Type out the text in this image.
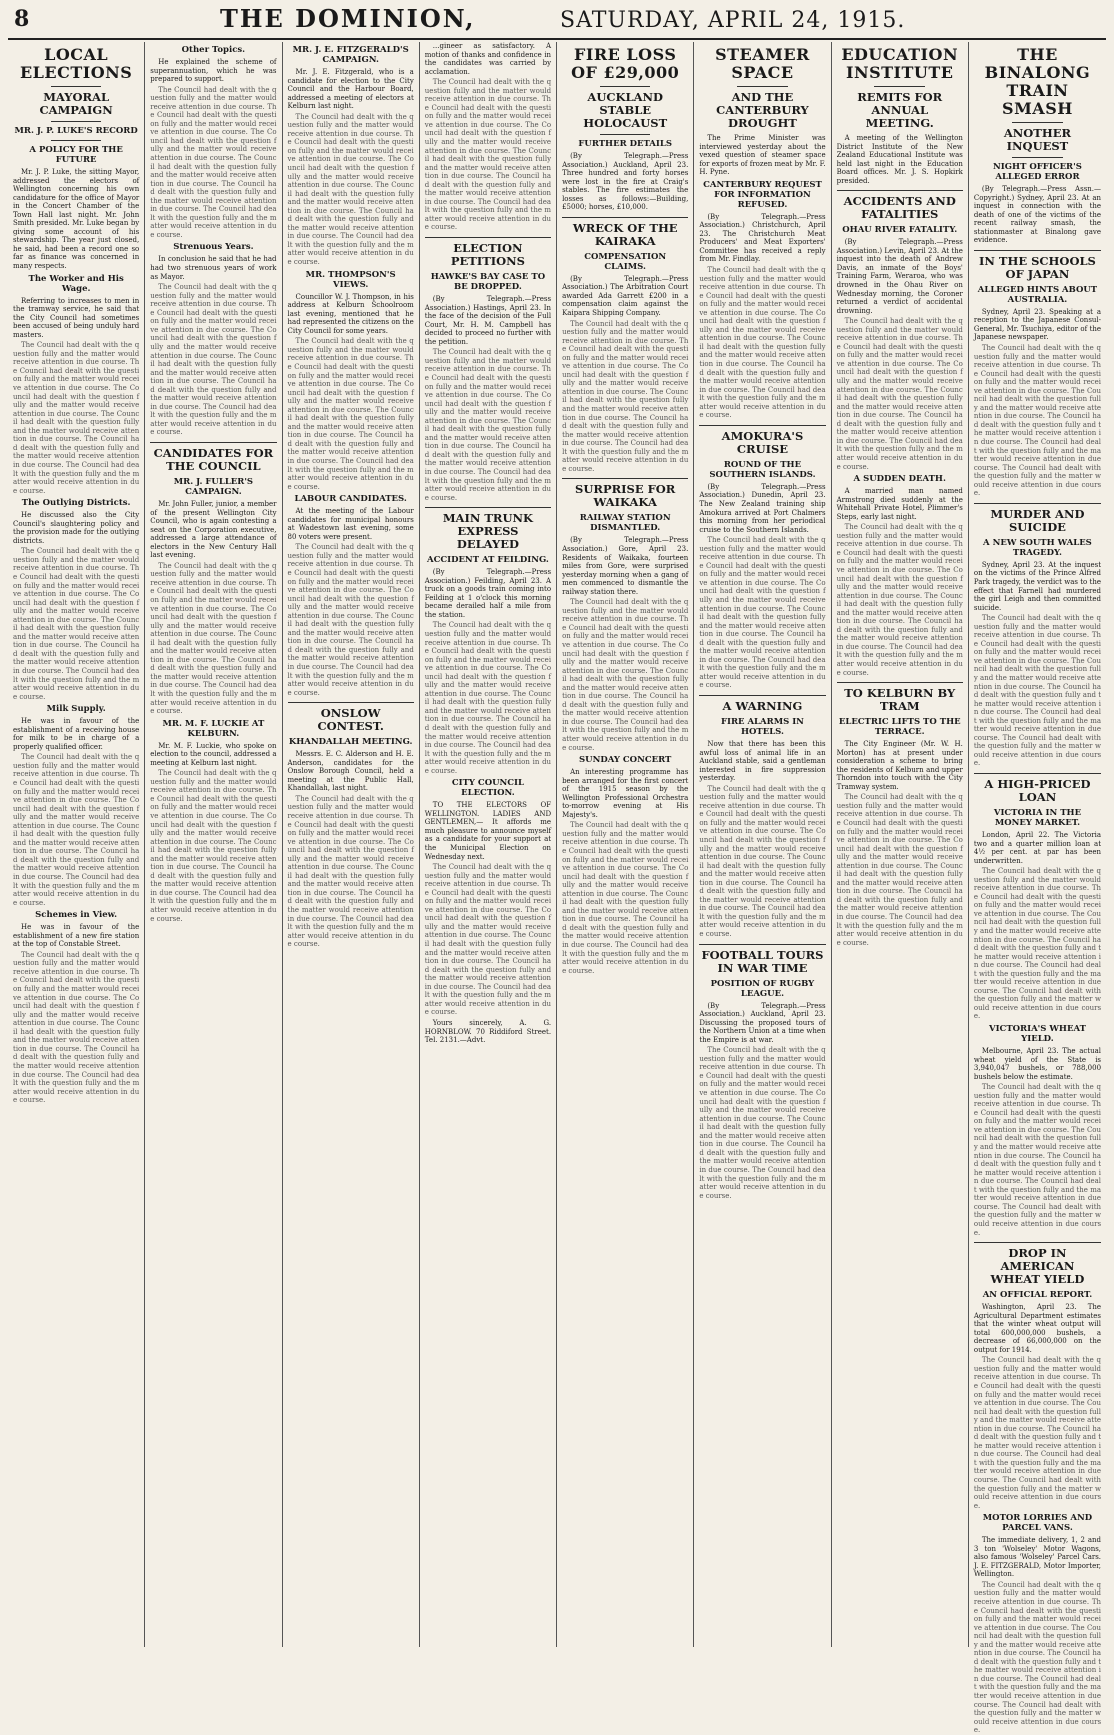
8	THE DOMINION,	SATURDAY, APRIL 24, 1915.
LOCAL ELECTIONS
MAYORAL CAMPAIGN
MR. J. P. LUKE'S RECORD
A POLICY FOR THE FUTURE

Mr. J. P. Luke, the sitting Mayor, addressed the electors of Wellington concerning his own candidature for the office of Mayor in the Concert Chamber of the Town Hall last night. Mr. John Smith presided. Mr. Luke began by giving some account of his stewardship. The year just closed, he said, had been a record one so far as finance was concerned in many respects.

The Worker and His Wage.

Referring to increases to men in the tramway service, he said that the City Council had sometimes been accused of being unduly hard masters.

The Council had dealt with the question fully and the matter would receive attention in due course. The Council had dealt with the question fully and the matter would receive attention in due course. The Council had dealt with the question fully and the matter would receive attention in due course. The Council had dealt with the question fully and the matter would receive attention in due course. The Council had dealt with the question fully and the matter would receive attention in due course. The Council had dealt with the question fully and the matter would receive attention in due course.

The Outlying Districts.

He discussed also the City Council's slaughtering policy and the provision made for the outlying districts.

The Council had dealt with the question fully and the matter would receive attention in due course. The Council had dealt with the question fully and the matter would receive attention in due course. The Council had dealt with the question fully and the matter would receive attention in due course. The Council had dealt with the question fully and the matter would receive attention in due course. The Council had dealt with the question fully and the matter would receive attention in due course. The Council had dealt with the question fully and the matter would receive attention in due course.

Milk Supply.

He was in favour of the establishment of a receiving house for milk to be in charge of a properly qualified officer.

The Council had dealt with the question fully and the matter would receive attention in due course. The Council had dealt with the question fully and the matter would receive attention in due course. The Council had dealt with the question fully and the matter would receive attention in due course. The Council had dealt with the question fully and the matter would receive attention in due course. The Council had dealt with the question fully and the matter would receive attention in due course. The Council had dealt with the question fully and the matter would receive attention in due course.

Schemes in View.

He was in favour of the establishment of a new fire station at the top of Constable Street.

The Council had dealt with the question fully and the matter would receive attention in due course. The Council had dealt with the question fully and the matter would receive attention in due course. The Council had dealt with the question fully and the matter would receive attention in due course. The Council had dealt with the question fully and the matter would receive attention in due course. The Council had dealt with the question fully and the matter would receive attention in due course. The Council had dealt with the question fully and the matter would receive attention in due course.

Other Topics.

He explained the scheme of superannuation, which he was prepared to support.

The Council had dealt with the question fully and the matter would receive attention in due course. The Council had dealt with the question fully and the matter would receive attention in due course. The Council had dealt with the question fully and the matter would receive attention in due course. The Council had dealt with the question fully and the matter would receive attention in due course. The Council had dealt with the question fully and the matter would receive attention in due course. The Council had dealt with the question fully and the matter would receive attention in due course.

Strenuous Years.

In conclusion he said that he had had two strenuous years of work as Mayor.

The Council had dealt with the question fully and the matter would receive attention in due course. The Council had dealt with the question fully and the matter would receive attention in due course. The Council had dealt with the question fully and the matter would receive attention in due course. The Council had dealt with the question fully and the matter would receive attention in due course. The Council had dealt with the question fully and the matter would receive attention in due course. The Council had dealt with the question fully and the matter would receive attention in due course.

CANDIDATES FOR THE COUNCIL
MR. J. FULLER'S CAMPAIGN.

Mr. John Fuller, junior, a member of the present Wellington City Council, who is again contesting a seat on the Corporation executive, addressed a large attendance of electors in the New Century Hall last evening.

The Council had dealt with the question fully and the matter would receive attention in due course. The Council had dealt with the question fully and the matter would receive attention in due course. The Council had dealt with the question fully and the matter would receive attention in due course. The Council had dealt with the question fully and the matter would receive attention in due course. The Council had dealt with the question fully and the matter would receive attention in due course. The Council had dealt with the question fully and the matter would receive attention in due course.

MR. M. F. LUCKIE AT KELBURN.

Mr. M. F. Luckie, who spoke on election to the council, addressed a meeting at Kelburn last night.

The Council had dealt with the question fully and the matter would receive attention in due course. The Council had dealt with the question fully and the matter would receive attention in due course. The Council had dealt with the question fully and the matter would receive attention in due course. The Council had dealt with the question fully and the matter would receive attention in due course. The Council had dealt with the question fully and the matter would receive attention in due course. The Council had dealt with the question fully and the matter would receive attention in due course.

MR. J. E. FITZGERALD'S CAMPAIGN.

Mr. J. E. Fitzgerald, who is a candidate for election to the City Council and the Harbour Board, addressed a meeting of electors at Kelburn last night.

The Council had dealt with the question fully and the matter would receive attention in due course. The Council had dealt with the question fully and the matter would receive attention in due course. The Council had dealt with the question fully and the matter would receive attention in due course. The Council had dealt with the question fully and the matter would receive attention in due course. The Council had dealt with the question fully and the matter would receive attention in due course. The Council had dealt with the question fully and the matter would receive attention in due course.

MR. THOMPSON'S VIEWS.

Councillor W. J. Thompson, in his address at Kelburn Schoolroom last evening, mentioned that he had represented the citizens on the City Council for some years.

The Council had dealt with the question fully and the matter would receive attention in due course. The Council had dealt with the question fully and the matter would receive attention in due course. The Council had dealt with the question fully and the matter would receive attention in due course. The Council had dealt with the question fully and the matter would receive attention in due course. The Council had dealt with the question fully and the matter would receive attention in due course. The Council had dealt with the question fully and the matter would receive attention in due course.

LABOUR CANDIDATES.

At the meeting of the Labour candidates for municipal honours at Wadestown last evening, some 80 voters were present.

The Council had dealt with the question fully and the matter would receive attention in due course. The Council had dealt with the question fully and the matter would receive attention in due course. The Council had dealt with the question fully and the matter would receive attention in due course. The Council had dealt with the question fully and the matter would receive attention in due course. The Council had dealt with the question fully and the matter would receive attention in due course. The Council had dealt with the question fully and the matter would receive attention in due course.

ONSLOW CONTEST.
KHANDALLAH MEETING.

Messrs. E. C. Alderson and H. E. Anderson, candidates for the Onslow Borough Council, held a meeting at the Public Hall, Khandallah, last night.

The Council had dealt with the question fully and the matter would receive attention in due course. The Council had dealt with the question fully and the matter would receive attention in due course. The Council had dealt with the question fully and the matter would receive attention in due course. The Council had dealt with the question fully and the matter would receive attention in due course. The Council had dealt with the question fully and the matter would receive attention in due course. The Council had dealt with the question fully and the matter would receive attention in due course.

...gineer as satisfactory. A motion of thanks and confidence in the candidates was carried by acclamation.

The Council had dealt with the question fully and the matter would receive attention in due course. The Council had dealt with the question fully and the matter would receive attention in due course. The Council had dealt with the question fully and the matter would receive attention in due course. The Council had dealt with the question fully and the matter would receive attention in due course. The Council had dealt with the question fully and the matter would receive attention in due course. The Council had dealt with the question fully and the matter would receive attention in due course.

ELECTION PETITIONS
HAWKE'S BAY CASE TO BE DROPPED.

(By Telegraph.—Press Association.) Hastings, April 23. In the face of the decision of the Full Court, Mr. H. M. Campbell has decided to proceed no further with the petition.

The Council had dealt with the question fully and the matter would receive attention in due course. The Council had dealt with the question fully and the matter would receive attention in due course. The Council had dealt with the question fully and the matter would receive attention in due course. The Council had dealt with the question fully and the matter would receive attention in due course. The Council had dealt with the question fully and the matter would receive attention in due course. The Council had dealt with the question fully and the matter would receive attention in due course.

MAIN TRUNK EXPRESS DELAYED
ACCIDENT AT FEILDING.

(By Telegraph.—Press Association.) Feilding, April 23. A truck on a goods train coming into Feilding at 1 o'clock this morning became derailed half a mile from the station.

The Council had dealt with the question fully and the matter would receive attention in due course. The Council had dealt with the question fully and the matter would receive attention in due course. The Council had dealt with the question fully and the matter would receive attention in due course. The Council had dealt with the question fully and the matter would receive attention in due course. The Council had dealt with the question fully and the matter would receive attention in due course. The Council had dealt with the question fully and the matter would receive attention in due course.

CITY COUNCIL ELECTION.

TO THE ELECTORS OF WELLINGTON. LADIES AND GENTLEMEN,— It affords me much pleasure to announce myself as a candidate for your support at the Municipal Election on Wednesday next.

The Council had dealt with the question fully and the matter would receive attention in due course. The Council had dealt with the question fully and the matter would receive attention in due course. The Council had dealt with the question fully and the matter would receive attention in due course. The Council had dealt with the question fully and the matter would receive attention in due course. The Council had dealt with the question fully and the matter would receive attention in due course. The Council had dealt with the question fully and the matter would receive attention in due course.

Yours sincerely, A. G. HORNBLOW. 70 Riddiford Street. Tel. 2131.—Advt.

FIRE LOSS OF £29,000
AUCKLAND STABLE HOLOCAUST
FURTHER DETAILS

(By Telegraph.—Press Association.) Auckland, April 23. Three hundred and forty horses were lost in the fire at Craig's stables. The fire estimates the losses as follows:—Building, £5000; horses, £10,000.

WRECK OF THE KAIRAKA
COMPENSATION CLAIMS.

(By Telegraph.—Press Association.) The Arbitration Court awarded Ada Garrett £200 in a compensation claim against the Kaipara Shipping Company.

The Council had dealt with the question fully and the matter would receive attention in due course. The Council had dealt with the question fully and the matter would receive attention in due course. The Council had dealt with the question fully and the matter would receive attention in due course. The Council had dealt with the question fully and the matter would receive attention in due course. The Council had dealt with the question fully and the matter would receive attention in due course. The Council had dealt with the question fully and the matter would receive attention in due course.

SURPRISE FOR WAIKAKA
RAILWAY STATION DISMANTLED.

(By Telegraph.—Press Association.) Gore, April 23. Residents of Waikaka, fourteen miles from Gore, were surprised yesterday morning when a gang of men commenced to dismantle the railway station there.

The Council had dealt with the question fully and the matter would receive attention in due course. The Council had dealt with the question fully and the matter would receive attention in due course. The Council had dealt with the question fully and the matter would receive attention in due course. The Council had dealt with the question fully and the matter would receive attention in due course. The Council had dealt with the question fully and the matter would receive attention in due course. The Council had dealt with the question fully and the matter would receive attention in due course.

SUNDAY CONCERT

An interesting programme has been arranged for the first concert of the 1915 season by the Wellington Professional Orchestra to-morrow evening at His Majesty's.

The Council had dealt with the question fully and the matter would receive attention in due course. The Council had dealt with the question fully and the matter would receive attention in due course. The Council had dealt with the question fully and the matter would receive attention in due course. The Council had dealt with the question fully and the matter would receive attention in due course. The Council had dealt with the question fully and the matter would receive attention in due course. The Council had dealt with the question fully and the matter would receive attention in due course.

STEAMER SPACE
AND THE CANTERBURY DROUGHT

The Prime Minister was interviewed yesterday about the vexed question of steamer space for exports of frozen meat by Mr. F. H. Pyne.

CANTERBURY REQUEST FOR INFORMATION REFUSED.

(By Telegraph.—Press Association.) Christchurch, April 23. The Christchurch Meat Producers' and Meat Exporters' Committee has received a reply from Mr. Findlay.

The Council had dealt with the question fully and the matter would receive attention in due course. The Council had dealt with the question fully and the matter would receive attention in due course. The Council had dealt with the question fully and the matter would receive attention in due course. The Council had dealt with the question fully and the matter would receive attention in due course. The Council had dealt with the question fully and the matter would receive attention in due course. The Council had dealt with the question fully and the matter would receive attention in due course.

AMOKURA'S CRUISE
ROUND OF THE SOUTHERN ISLANDS.

(By Telegraph.—Press Association.) Dunedin, April 23. The New Zealand training ship Amokura arrived at Port Chalmers this morning from her periodical cruise to the Southern Islands.

The Council had dealt with the question fully and the matter would receive attention in due course. The Council had dealt with the question fully and the matter would receive attention in due course. The Council had dealt with the question fully and the matter would receive attention in due course. The Council had dealt with the question fully and the matter would receive attention in due course. The Council had dealt with the question fully and the matter would receive attention in due course. The Council had dealt with the question fully and the matter would receive attention in due course.

A WARNING
FIRE ALARMS IN HOTELS.

Now that there has been this awful loss of animal life in an Auckland stable, said a gentleman interested in fire suppression yesterday.

The Council had dealt with the question fully and the matter would receive attention in due course. The Council had dealt with the question fully and the matter would receive attention in due course. The Council had dealt with the question fully and the matter would receive attention in due course. The Council had dealt with the question fully and the matter would receive attention in due course. The Council had dealt with the question fully and the matter would receive attention in due course. The Council had dealt with the question fully and the matter would receive attention in due course.

FOOTBALL TOURS IN WAR TIME
POSITION OF RUGBY LEAGUE.

(By Telegraph.—Press Association.) Auckland, April 23. Discussing the proposed tours of the Northern Union at a time when the Empire is at war.

The Council had dealt with the question fully and the matter would receive attention in due course. The Council had dealt with the question fully and the matter would receive attention in due course. The Council had dealt with the question fully and the matter would receive attention in due course. The Council had dealt with the question fully and the matter would receive attention in due course. The Council had dealt with the question fully and the matter would receive attention in due course. The Council had dealt with the question fully and the matter would receive attention in due course.

EDUCATION INSTITUTE
REMITS FOR ANNUAL MEETING.

A meeting of the Wellington District Institute of the New Zealand Educational Institute was held last night in the Education Board offices. Mr. J. S. Hopkirk presided.

ACCIDENTS AND FATALITIES
OHAU RIVER FATALITY.

(By Telegraph.—Press Association.) Levin, April 23. At the inquest into the death of Andrew Davis, an inmate of the Boys' Training Farm, Weraroa, who was drowned in the Ohau River on Wednesday morning, the Coroner returned a verdict of accidental drowning.

The Council had dealt with the question fully and the matter would receive attention in due course. The Council had dealt with the question fully and the matter would receive attention in due course. The Council had dealt with the question fully and the matter would receive attention in due course. The Council had dealt with the question fully and the matter would receive attention in due course. The Council had dealt with the question fully and the matter would receive attention in due course. The Council had dealt with the question fully and the matter would receive attention in due course.

A SUDDEN DEATH.

A married man named Armstrong died suddenly at the Whitehall Private Hotel, Plimmer's Steps, early last night.

The Council had dealt with the question fully and the matter would receive attention in due course. The Council had dealt with the question fully and the matter would receive attention in due course. The Council had dealt with the question fully and the matter would receive attention in due course. The Council had dealt with the question fully and the matter would receive attention in due course. The Council had dealt with the question fully and the matter would receive attention in due course. The Council had dealt with the question fully and the matter would receive attention in due course.

TO KELBURN BY TRAM
ELECTRIC LIFTS TO THE TERRACE.

The City Engineer (Mr. W. H. Morton) has at present under consideration a scheme to bring the residents of Kelburn and upper Thorndon into touch with the City Tramway system.

The Council had dealt with the question fully and the matter would receive attention in due course. The Council had dealt with the question fully and the matter would receive attention in due course. The Council had dealt with the question fully and the matter would receive attention in due course. The Council had dealt with the question fully and the matter would receive attention in due course. The Council had dealt with the question fully and the matter would receive attention in due course. The Council had dealt with the question fully and the matter would receive attention in due course.

THE BINALONG TRAIN SMASH
ANOTHER INQUEST
NIGHT OFFICER'S ALLEGED ERROR

(By Telegraph.—Press Assn.—Copyright.) Sydney, April 23. At an inquest in connection with the death of one of the victims of the recent railway smash, the stationmaster at Binalong gave evidence.

IN THE SCHOOLS OF JAPAN
ALLEGED HINTS ABOUT AUSTRALIA.

Sydney, April 23. Speaking at a reception to the Japanese Consul-General, Mr. Tsuchiya, editor of the Japanese newspaper.

The Council had dealt with the question fully and the matter would receive attention in due course. The Council had dealt with the question fully and the matter would receive attention in due course. The Council had dealt with the question fully and the matter would receive attention in due course. The Council had dealt with the question fully and the matter would receive attention in due course. The Council had dealt with the question fully and the matter would receive attention in due course. The Council had dealt with the question fully and the matter would receive attention in due course.

MURDER AND SUICIDE
A NEW SOUTH WALES TRAGEDY.

Sydney, April 23. At the inquest on the victims of the Prince Alfred Park tragedy, the verdict was to the effect that Farnell had murdered the girl Leigh and then committed suicide.

The Council had dealt with the question fully and the matter would receive attention in due course. The Council had dealt with the question fully and the matter would receive attention in due course. The Council had dealt with the question fully and the matter would receive attention in due course. The Council had dealt with the question fully and the matter would receive attention in due course. The Council had dealt with the question fully and the matter would receive attention in due course. The Council had dealt with the question fully and the matter would receive attention in due course.

A HIGH-PRICED LOAN
VICTORIA IN THE MONEY MARKET.

London, April 22. The Victoria two and a quarter million loan at 4½ per cent. at par has been underwritten.

The Council had dealt with the question fully and the matter would receive attention in due course. The Council had dealt with the question fully and the matter would receive attention in due course. The Council had dealt with the question fully and the matter would receive attention in due course. The Council had dealt with the question fully and the matter would receive attention in due course. The Council had dealt with the question fully and the matter would receive attention in due course. The Council had dealt with the question fully and the matter would receive attention in due course.

VICTORIA'S WHEAT YIELD.

Melbourne, April 23. The actual wheat yield of the State is 3,940,047 bushels, or 788,000 bushels below the estimate.

The Council had dealt with the question fully and the matter would receive attention in due course. The Council had dealt with the question fully and the matter would receive attention in due course. The Council had dealt with the question fully and the matter would receive attention in due course. The Council had dealt with the question fully and the matter would receive attention in due course. The Council had dealt with the question fully and the matter would receive attention in due course. The Council had dealt with the question fully and the matter would receive attention in due course.

DROP IN AMERICAN WHEAT YIELD
AN OFFICIAL REPORT.

Washington, April 23. The Agricultural Department estimates that the winter wheat output will total 600,000,000 bushels, a decrease of 66,000,000 on the output for 1914.

The Council had dealt with the question fully and the matter would receive attention in due course. The Council had dealt with the question fully and the matter would receive attention in due course. The Council had dealt with the question fully and the matter would receive attention in due course. The Council had dealt with the question fully and the matter would receive attention in due course. The Council had dealt with the question fully and the matter would receive attention in due course. The Council had dealt with the question fully and the matter would receive attention in due course.

MOTOR LORRIES AND PARCEL VANS.

The immediate delivery, 1, 2 and 3 ton 'Wolseley' Motor Wagons, also famous 'Wolseley' Parcel Cars. J. E. FITZGERALD, Motor Importer, Wellington.

The Council had dealt with the question fully and the matter would receive attention in due course. The Council had dealt with the question fully and the matter would receive attention in due course. The Council had dealt with the question fully and the matter would receive attention in due course. The Council had dealt with the question fully and the matter would receive attention in due course. The Council had dealt with the question fully and the matter would receive attention in due course. The Council had dealt with the question fully and the matter would receive attention in due course.
